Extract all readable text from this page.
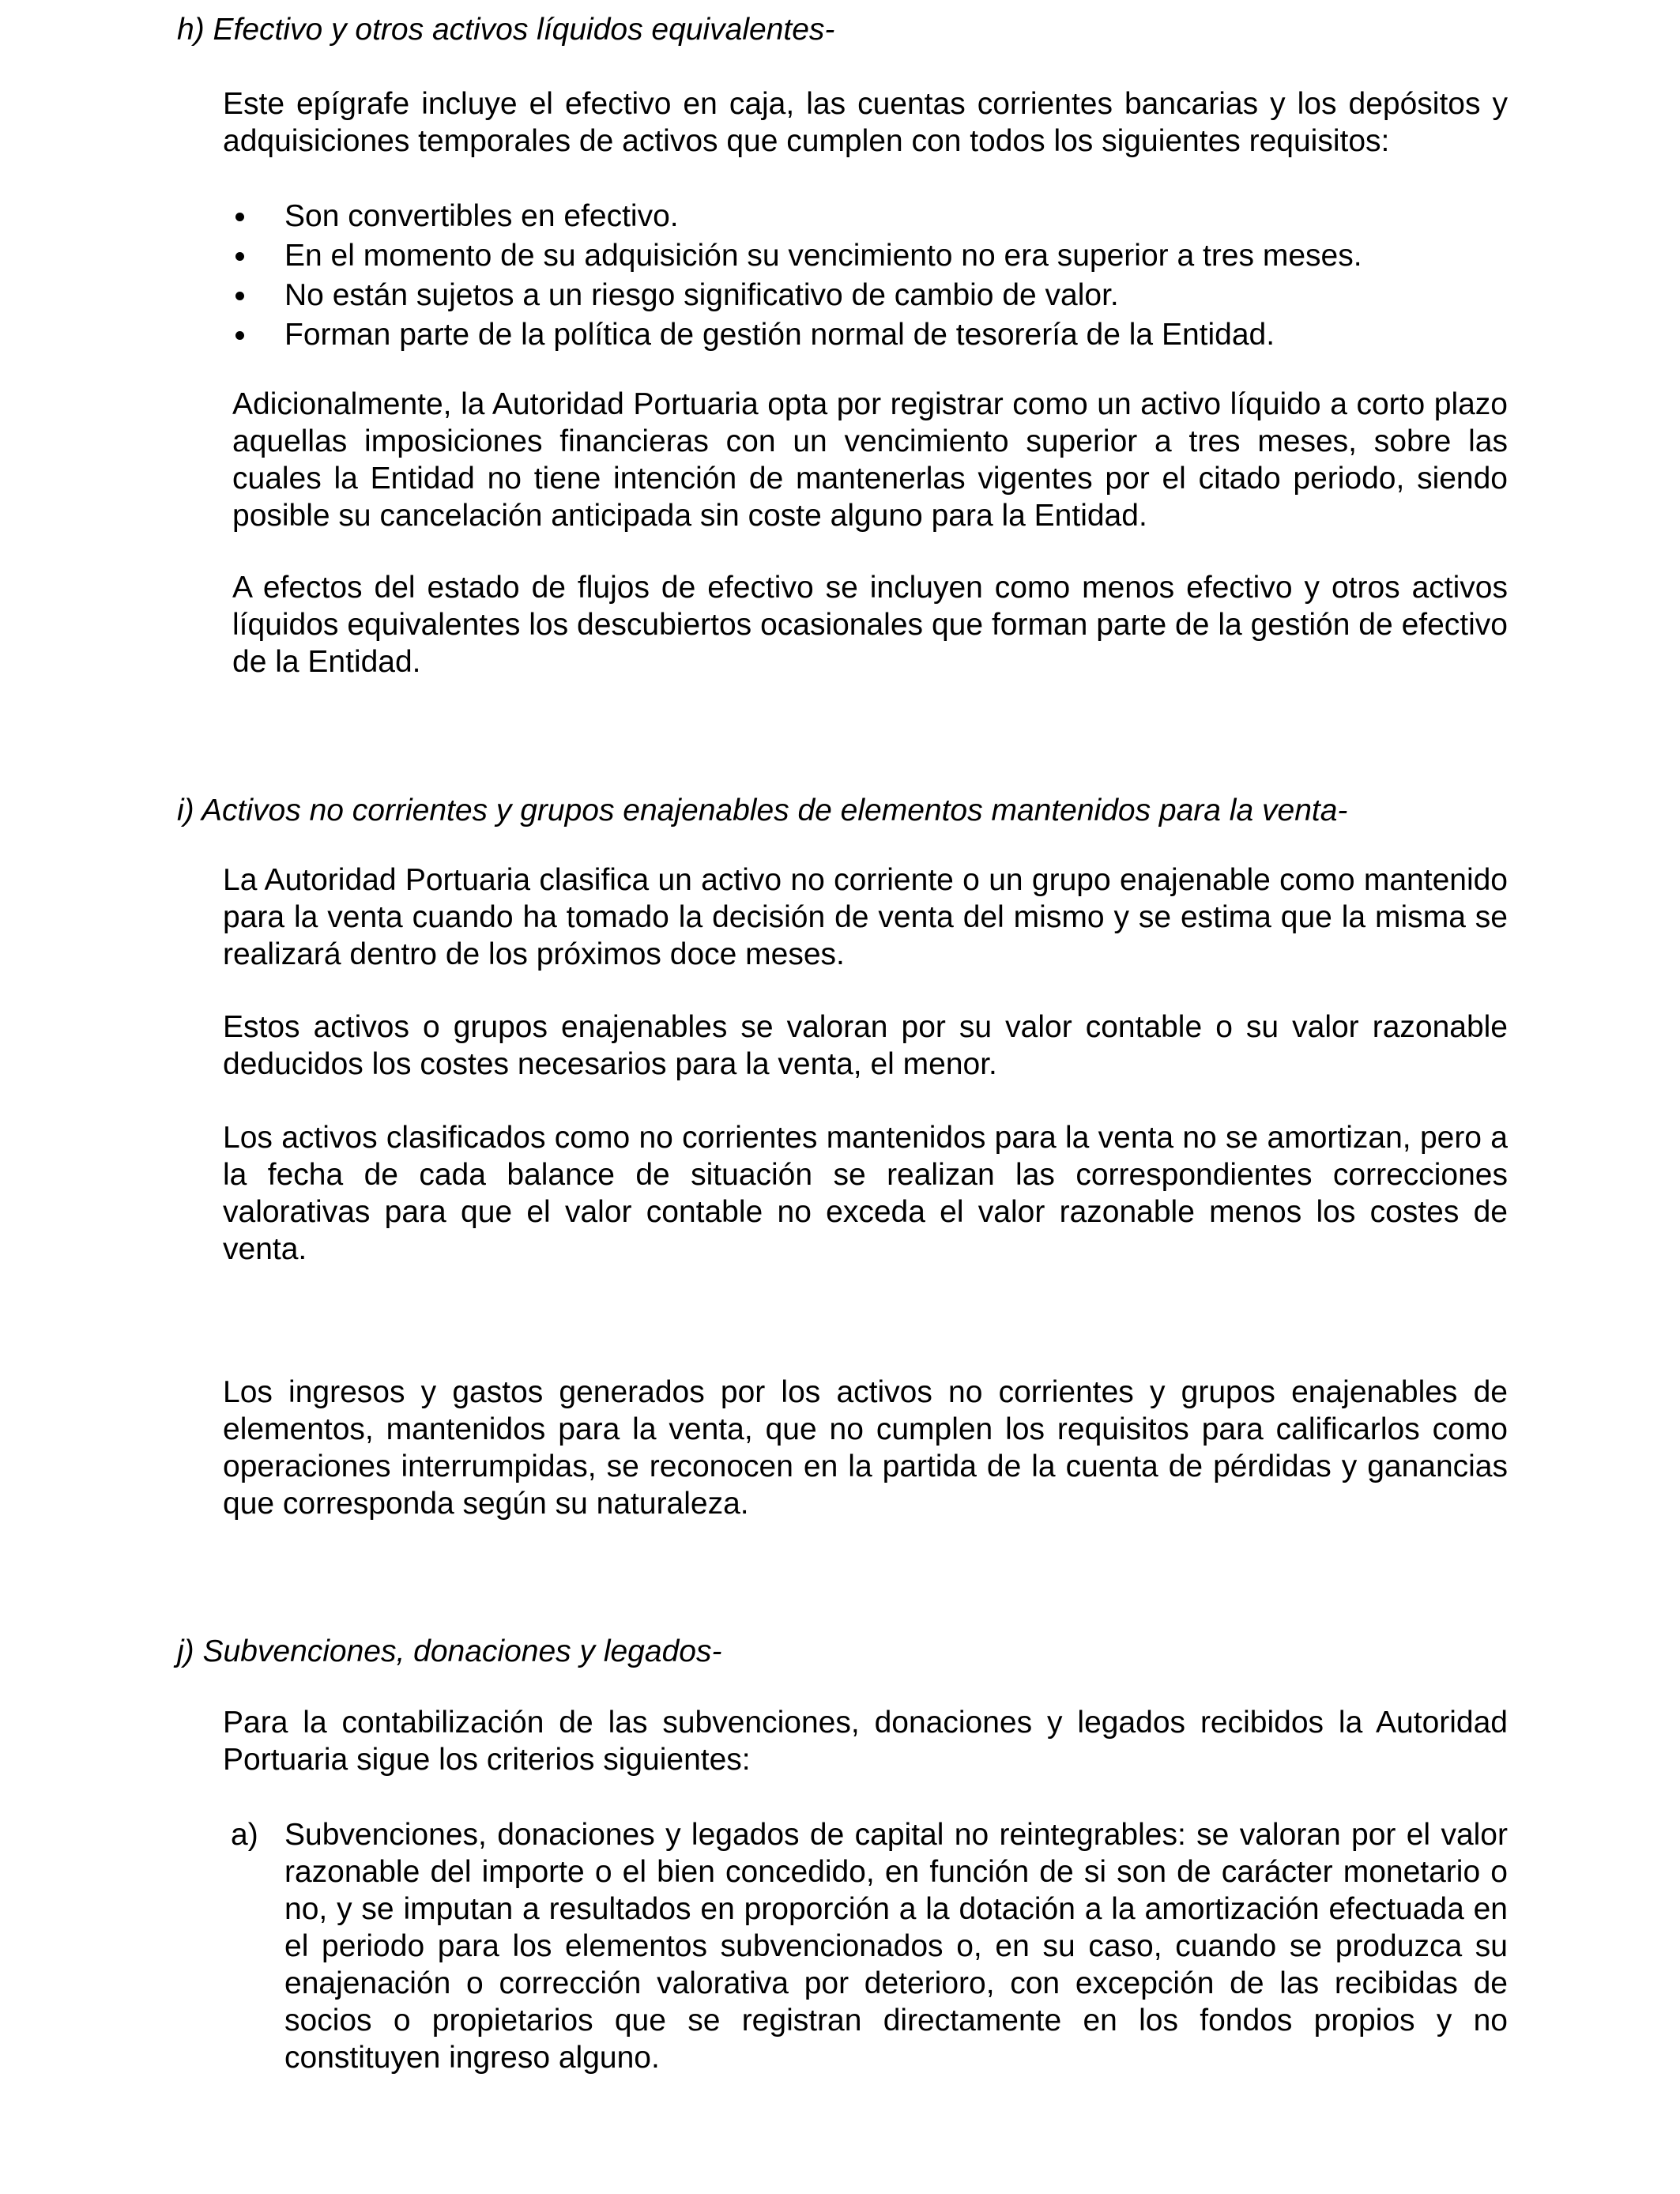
h) Efectivo y otros activos líquidos equivalentes-

Este epígrafe incluye el efectivo en caja, las cuentas corrientes bancarias y los depósitos y adquisiciones temporales de activos que cumplen con todos los siguientes requisitos:

Son convertibles en efectivo.
En el momento de su adquisición su vencimiento no era superior a tres meses.
No están sujetos a un riesgo significativo de cambio de valor.
Forman parte de la política de gestión normal de tesorería de la Entidad.

Adicionalmente, la Autoridad Portuaria opta por registrar como un activo líquido a corto plazo aquellas imposiciones financieras con un vencimiento superior a tres meses, sobre las cuales la Entidad no tiene intención de mantenerlas vigentes por el citado periodo, siendo posible su cancelación anticipada sin coste alguno para la Entidad.

A efectos del estado de flujos de efectivo se incluyen como menos efectivo y otros activos líquidos equivalentes los descubiertos ocasionales que forman parte de la gestión de efectivo de la Entidad.

i) Activos no corrientes y grupos enajenables de elementos mantenidos para la venta-

La Autoridad Portuaria clasifica un activo no corriente o un grupo enajenable como mantenido para la venta cuando ha tomado la decisión de venta del mismo y se estima que la misma se realizará dentro de los próximos doce meses.

Estos activos o grupos enajenables se valoran por su valor contable o su valor razonable deducidos los costes necesarios para la venta, el menor.

Los activos clasificados como no corrientes mantenidos para la venta no se amortizan, pero a la fecha de cada balance de situación se realizan las correspondientes correcciones valorativas para que el valor contable no exceda el valor razonable menos los costes de venta.

Los ingresos y gastos generados por los activos no corrientes y grupos enajenables de elementos, mantenidos para la venta, que no cumplen los requisitos para calificarlos como operaciones interrumpidas, se reconocen en la partida de la cuenta de pérdidas y ganancias que corresponda según su naturaleza.

j) Subvenciones, donaciones y legados-

Para la contabilización de las subvenciones, donaciones y legados recibidos la Autoridad Portuaria sigue los criterios siguientes:

a) Subvenciones, donaciones y legados de capital no reintegrables: se valoran por el valor razonable del importe o el bien concedido, en función de si son de carácter monetario o no, y se imputan a resultados en proporción a la dotación a la amortización efectuada en el periodo para los elementos subvencionados o, en su caso, cuando se produzca su enajenación o corrección valorativa por deterioro, con excepción de las recibidas de socios o propietarios que se registran directamente en los fondos propios y no constituyen ingreso alguno.
